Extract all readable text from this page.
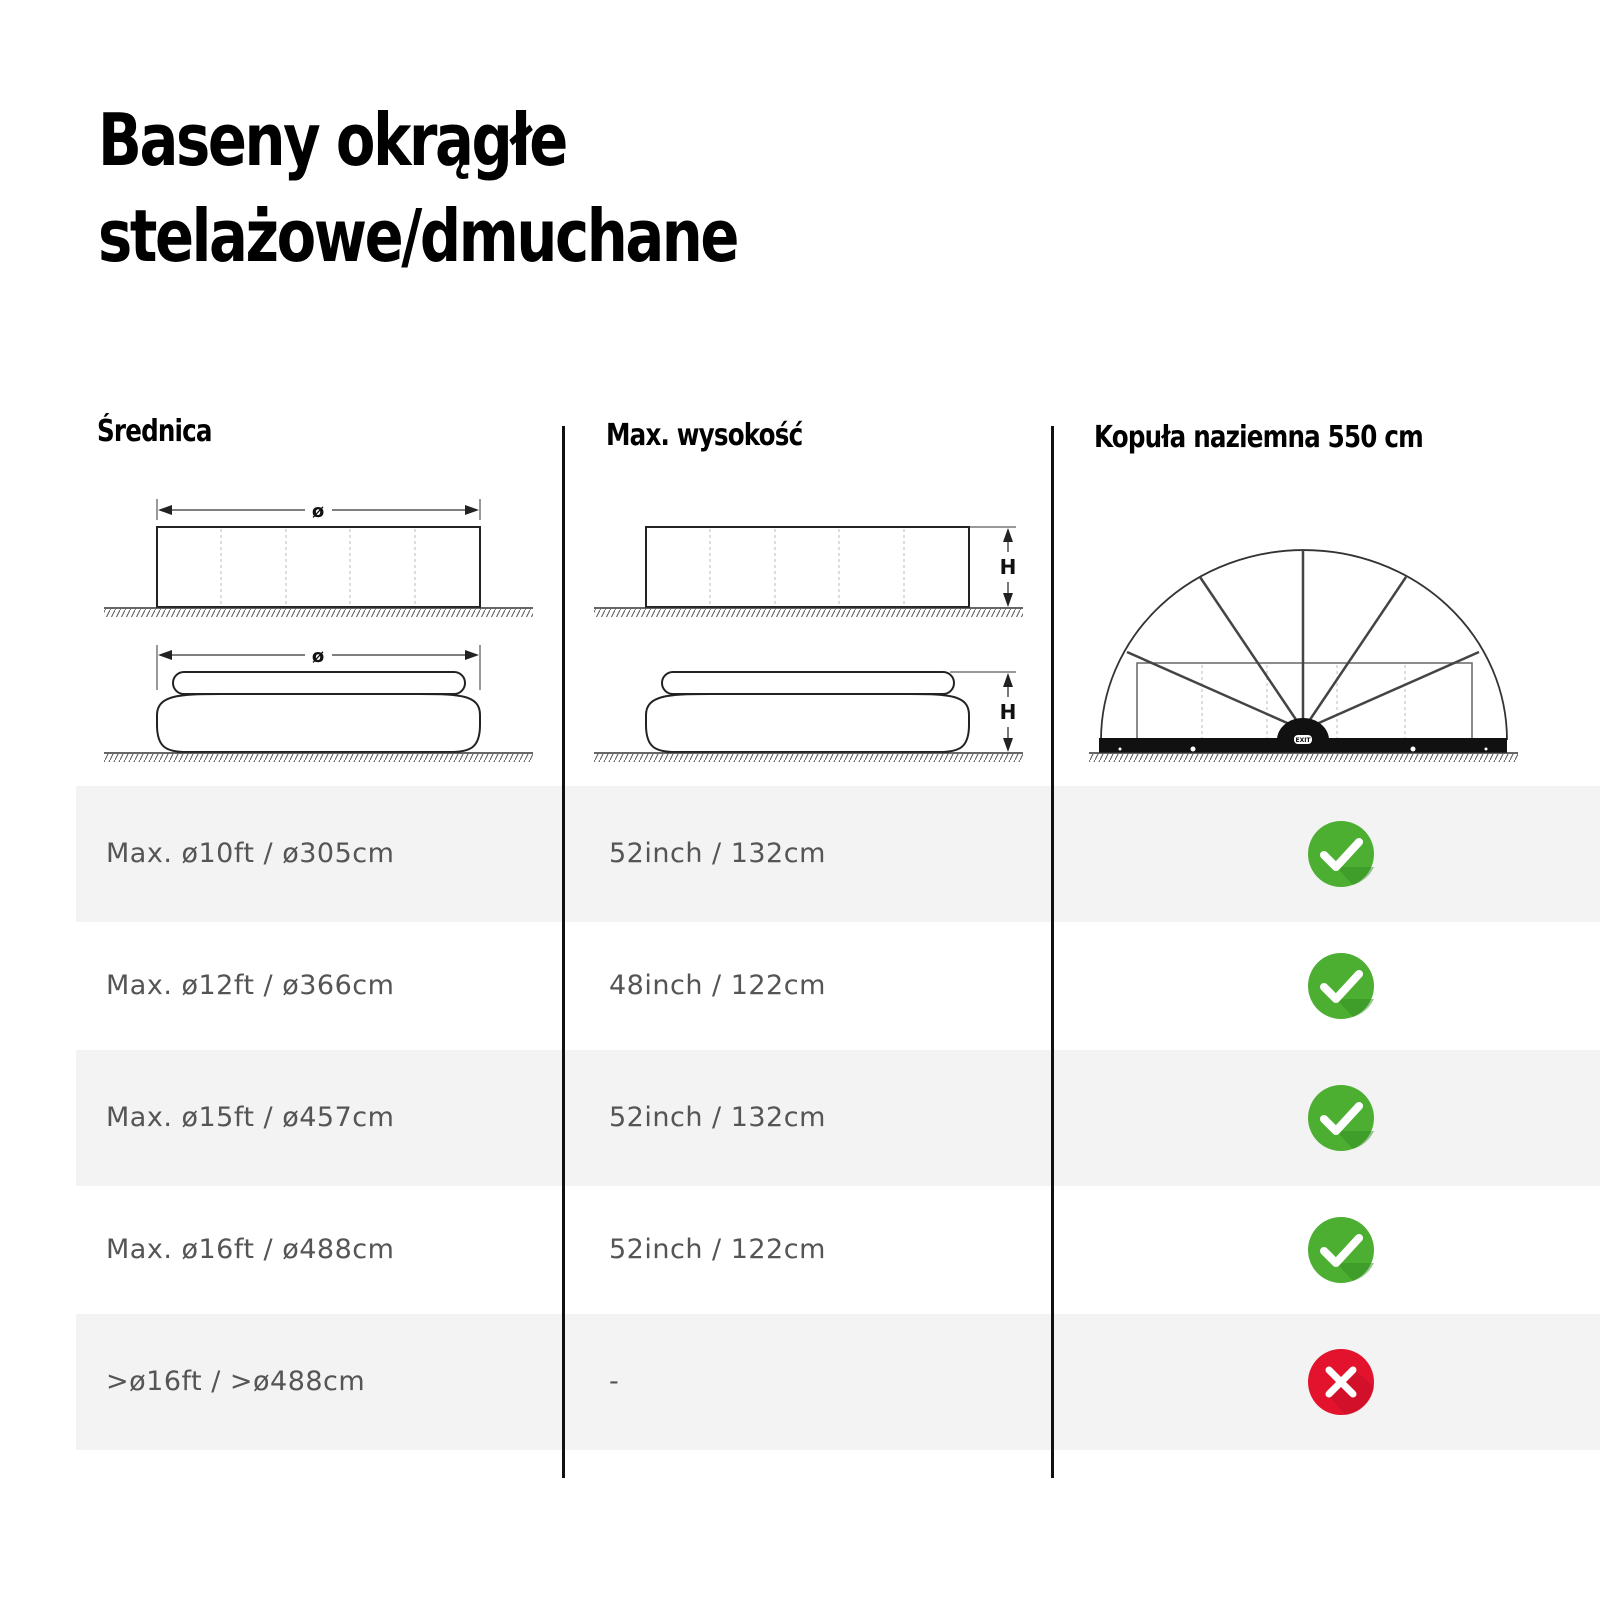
Baseny okrągłe
stelażowe/dmuchane
Średnica	Max. wysokość	Kopuła naziemna 550 cm
Max. ø10ft / ø305cm	52inch / 132cm
Max. ø12ft / ø366cm	48inch / 122cm
Max. ø15ft / ø457cm	52inch / 132cm
Max. ø16ft / ø488cm	52inch / 122cm
>ø16ft / >ø488cm	-
ø
ø
H
H
EXIT
